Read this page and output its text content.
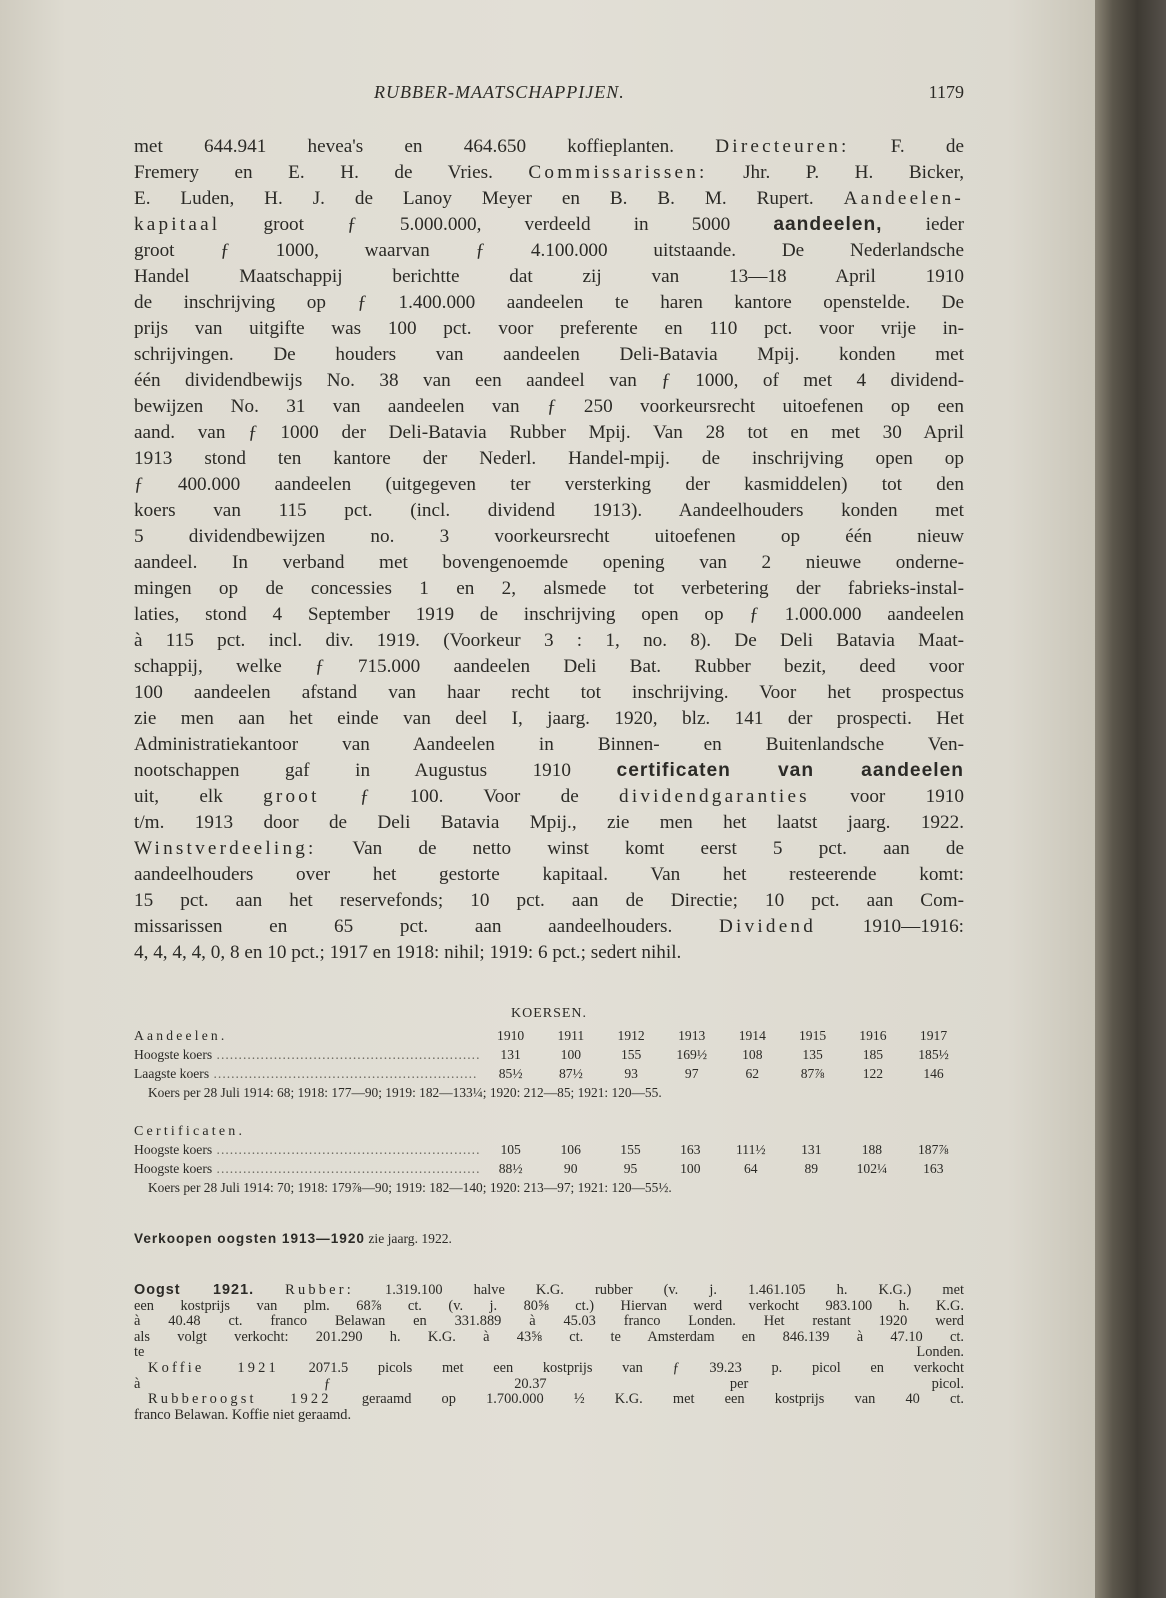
RUBBER-MAATSCHAPPIJEN.	1179
met 644.941 hevea's en 464.650 koffieplanten. Directeuren: F. de
Fremery en E. H. de Vries. Commissarissen: Jhr. P. H. Bicker,
E. Luden, H. J. de Lanoy Meyer en B. B. M. Rupert. Aandeelen-
kapitaal groot ƒ 5.000.000, verdeeld in 5000 aandeelen, ieder
groot ƒ 1000, waarvan ƒ 4.100.000 uitstaande. De Nederlandsche
Handel Maatschappij berichtte dat zij van 13—18 April 1910
de inschrijving op ƒ 1.400.000 aandeelen te haren kantore openstelde. De
prijs van uitgifte was 100 pct. voor preferente en 110 pct. voor vrije in-
schrijvingen. De houders van aandeelen Deli-Batavia Mpij. konden met
één dividendbewijs No. 38 van een aandeel van ƒ 1000, of met 4 dividend-
bewijzen No. 31 van aandeelen van ƒ 250 voorkeursrecht uitoefenen op een
aand. van ƒ 1000 der Deli-Batavia Rubber Mpij. Van 28 tot en met 30 April
1913 stond ten kantore der Nederl. Handel-mpij. de inschrijving open op
ƒ 400.000 aandeelen (uitgegeven ter versterking der kasmiddelen) tot den
koers van 115 pct. (incl. dividend 1913). Aandeelhouders konden met
5 dividendbewijzen no. 3 voorkeursrecht uitoefenen op één nieuw
aandeel. In verband met bovengenoemde opening van 2 nieuwe onderne-
mingen op de concessies 1 en 2, alsmede tot verbetering der fabrieks-instal-
laties, stond 4 September 1919 de inschrijving open op ƒ 1.000.000 aandeelen
à 115 pct. incl. div. 1919. (Voorkeur 3 : 1, no. 8). De Deli Batavia Maat-
schappij, welke ƒ 715.000 aandeelen Deli Bat. Rubber bezit, deed voor
100 aandeelen afstand van haar recht tot inschrijving. Voor het prospectus
zie men aan het einde van deel I, jaarg. 1920, blz. 141 der prospecti. Het
Administratiekantoor van Aandeelen in Binnen- en Buitenlandsche Ven-
nootschappen gaf in Augustus 1910 certificaten van aandeelen
uit, elk groot ƒ 100. Voor de dividendgaranties voor 1910
t/m. 1913 door de Deli Batavia Mpij., zie men het laatst jaarg. 1922.
Winstverdeeling: Van de netto winst komt eerst 5 pct. aan de
aandeelhouders over het gestorte kapitaal. Van het resteerende komt:
15 pct. aan het reservefonds; 10 pct. aan de Directie; 10 pct. aan Com-
missarissen en 65 pct. aan aandeelhouders. Dividend 1910—1916:
4, 4, 4, 4, 0, 8 en 10 pct.; 1917 en 1918: nihil; 1919: 6 pct.; sedert nihil.
KOERSEN.
Aandeelen.	1910	1911	1912	1913	1914	1915	1916	1917
Hoogste koers ............................................................	131	100	155	169½	108	135	185	185½
Laagste koers ............................................................	85½	87½	93	97	62	87⅞	122	146
Koers per 28 Juli 1914: 68; 1918: 177—90; 1919: 182—133¼; 1920: 212—85; 1921: 120—55.
Certificaten.
Hoogste koers ............................................................	105	106	155	163	111½	131	188	187⅞
Hoogste koers ............................................................	88½	90	95	100	64	89	102¼	163
Koers per 28 Juli 1914: 70; 1918: 179⅞—90; 1919: 182—140; 1920: 213—97; 1921: 120—55½.
Verkoopen oogsten 1913—1920 zie jaarg. 1922.
Oogst 1921. Rubber: 1.319.100 halve K.G. rubber (v. j. 1.461.105 h. K.G.) met
een kostprijs van plm. 68⅞ ct. (v. j. 80⅝ ct.) Hiervan werd verkocht 983.100 h. K.G.
à 40.48 ct. franco Belawan en 331.889 à 45.03 franco Londen. Het restant 1920 werd
als volgt verkocht: 201.290 h. K.G. à 43⅝ ct. te Amsterdam en 846.139 à 47.10 ct.
te Londen.
Koffie 1921 2071.5 picols met een kostprijs van ƒ 39.23 p. picol en verkocht
à ƒ 20.37 per picol.
Rubberoogst 1922 geraamd op 1.700.000 ½ K.G. met een kostprijs van 40 ct.
franco Belawan. Koffie niet geraamd.
